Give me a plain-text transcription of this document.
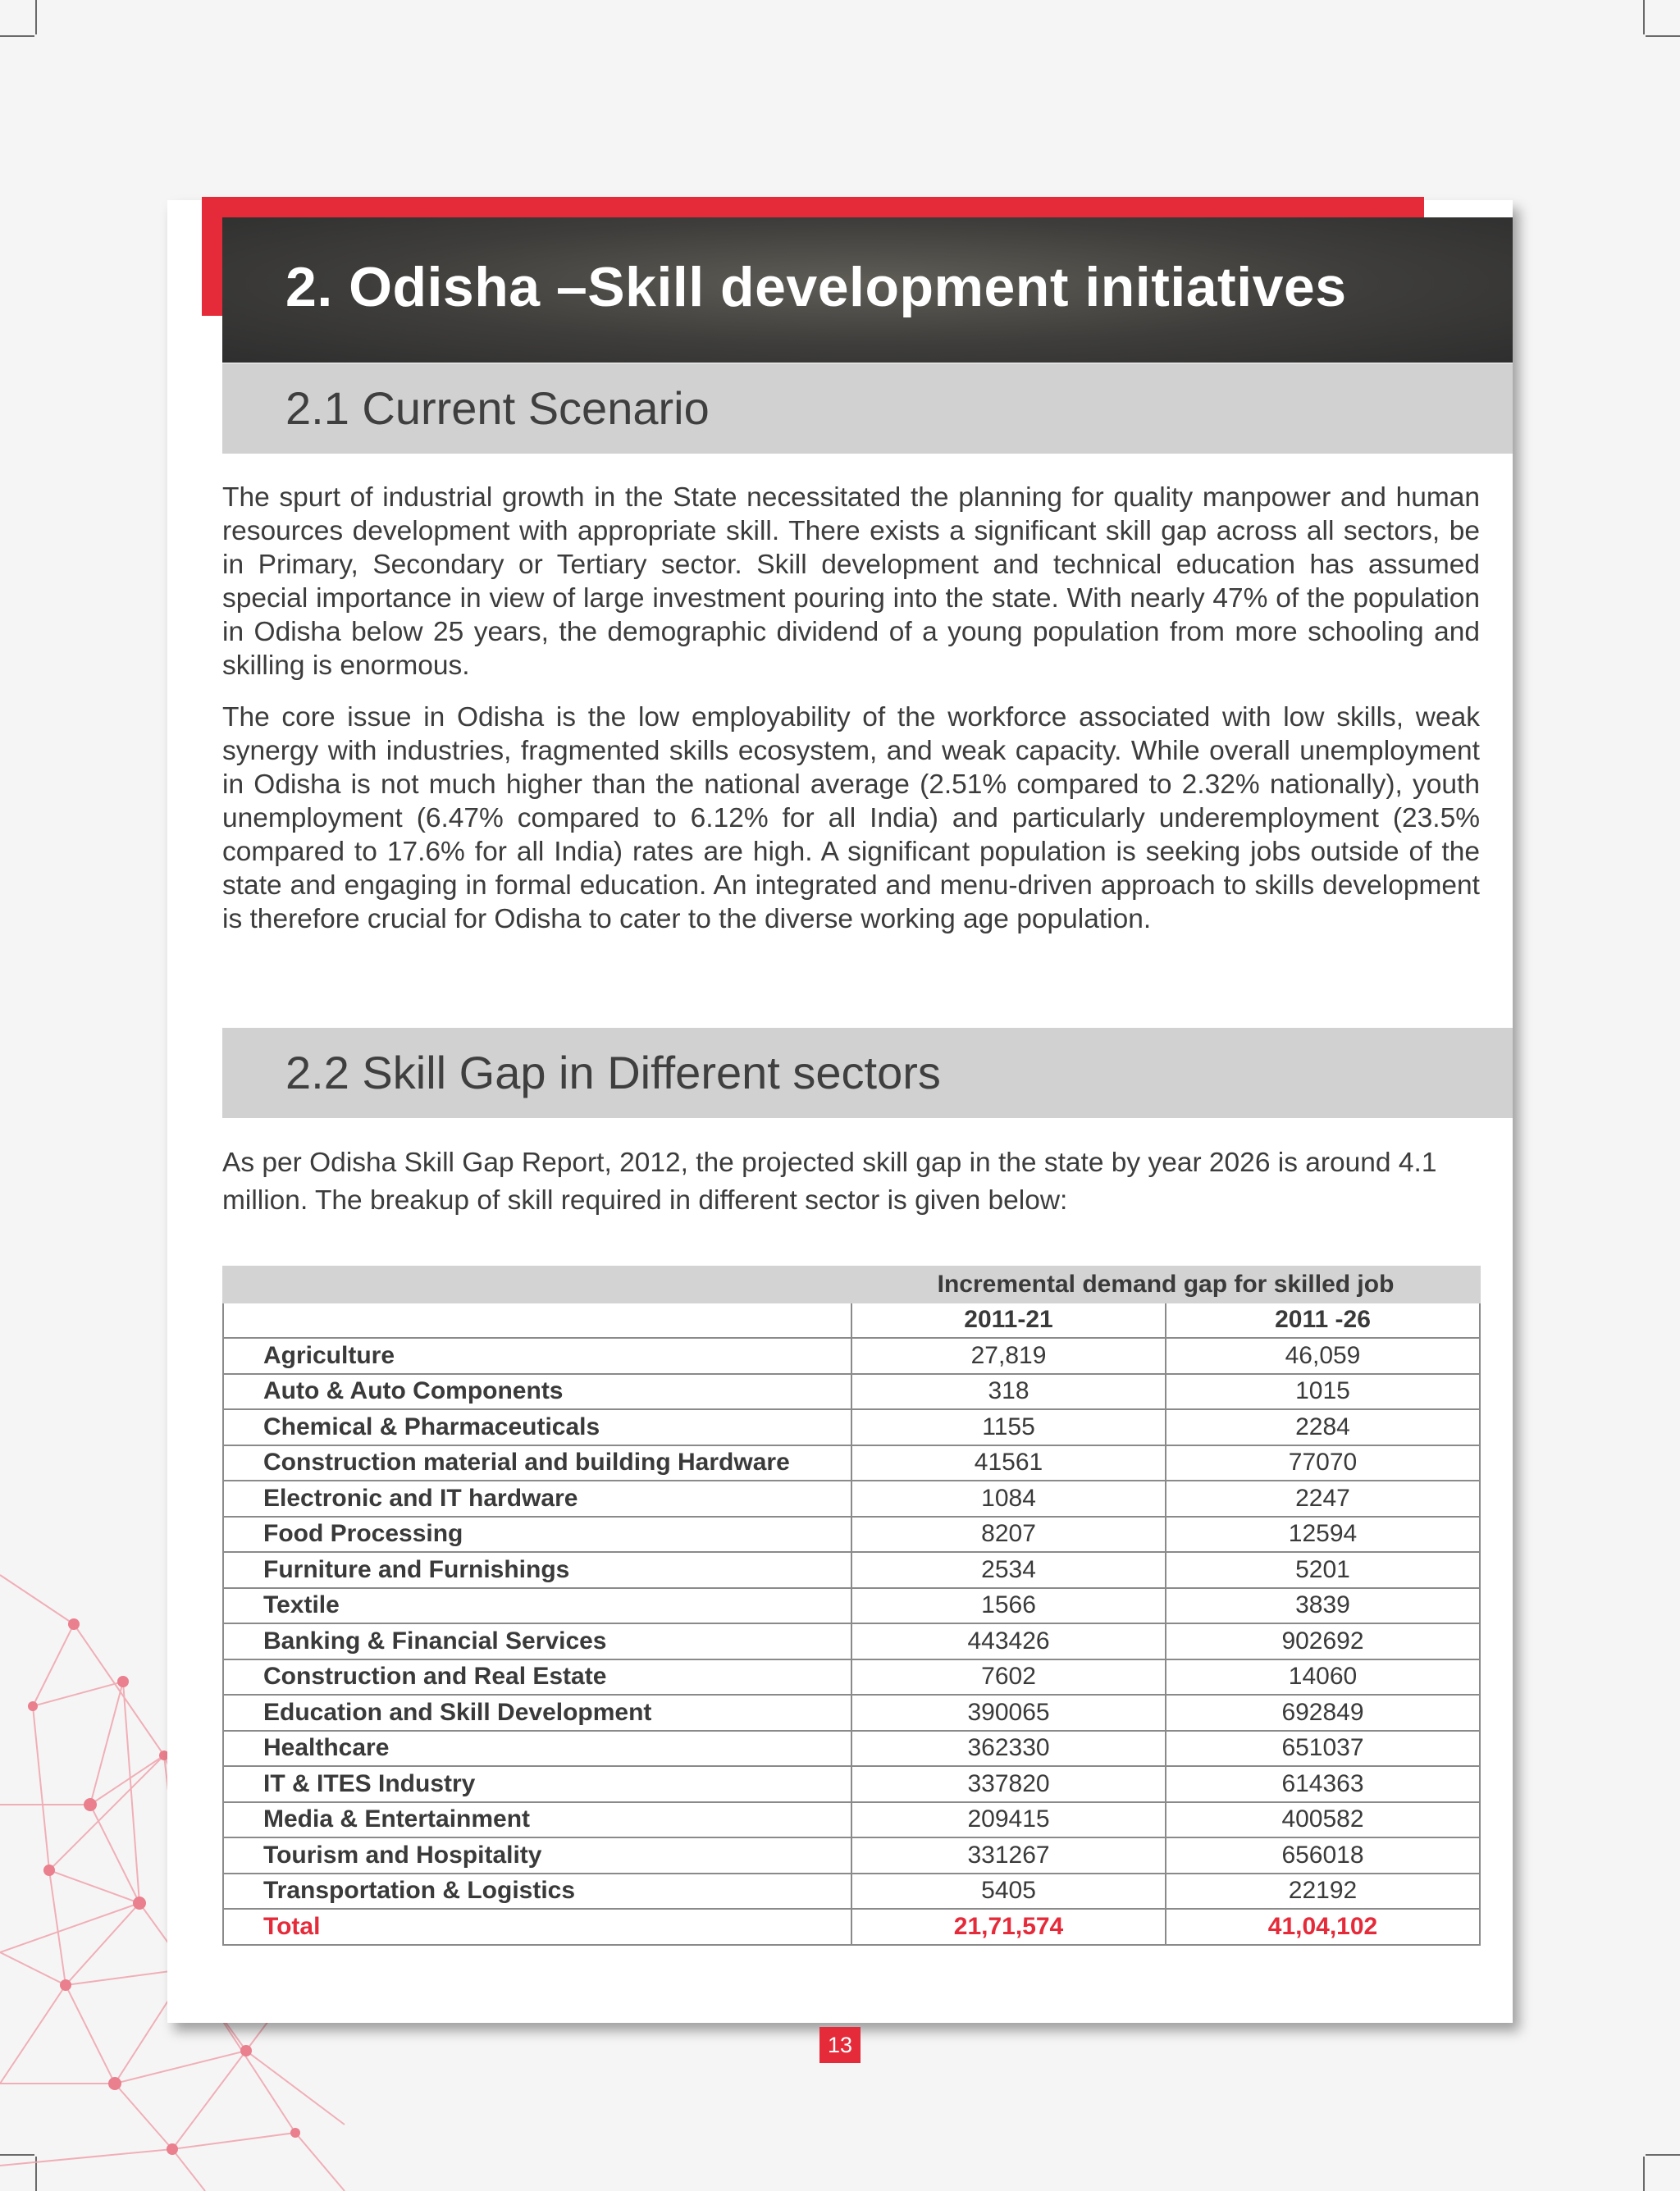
2. Odisha –Skill development initiatives
2.1 Current Scenario

The spurt of industrial growth in the State necessitated the planning for quality manpower and human resources development with appropriate skill. There exists a significant skill gap across all sectors, be in Primary, Secondary or Tertiary sector. Skill development and technical education has assumed special importance in view of large investment pouring into the state. With nearly 47% of the population in Odisha below 25 years, the demographic dividend of a young population from more schooling and skilling is enormous.

The core issue in Odisha is the low employability of the workforce associated with low skills, weak synergy with industries, fragmented skills ecosystem, and weak capacity. While overall unemployment in Odisha is not much higher than the national average (2.51% compared to 2.32% nationally), youth unemployment (6.47% compared to 6.12% for all India) and particularly underemployment (23.5% compared to 17.6% for all India) rates are high. A significant population is seeking jobs outside of the state and engaging in formal education. An integrated and menu-driven approach to skills development is therefore crucial for Odisha to cater to the diverse working age population.

2.2 Skill Gap in Different sectors

As per Odisha Skill Gap Report, 2012, the projected skill gap in the state by year 2026 is around 4.1 million. The breakup of skill required in different sector is given below:

	Incremental demand gap for skilled job	
	2011-21	2011 -26
Agriculture	27,819	46,059
Auto & Auto Components	318	1015
Chemical & Pharmaceuticals	1155	2284
Construction material and building Hardware	41561	77070
Electronic and IT hardware	1084	2247
Food Processing	8207	12594
Furniture and Furnishings	2534	5201
Textile	1566	3839
Banking & Financial Services	443426	902692
Construction and Real Estate	7602	14060
Education and Skill Development	390065	692849
Healthcare	362330	651037
IT & ITES Industry	337820	614363
Media & Entertainment	209415	400582
Tourism and Hospitality	331267	656018
Transportation & Logistics	5405	22192
Total	21,71,574	41,04,102
13
